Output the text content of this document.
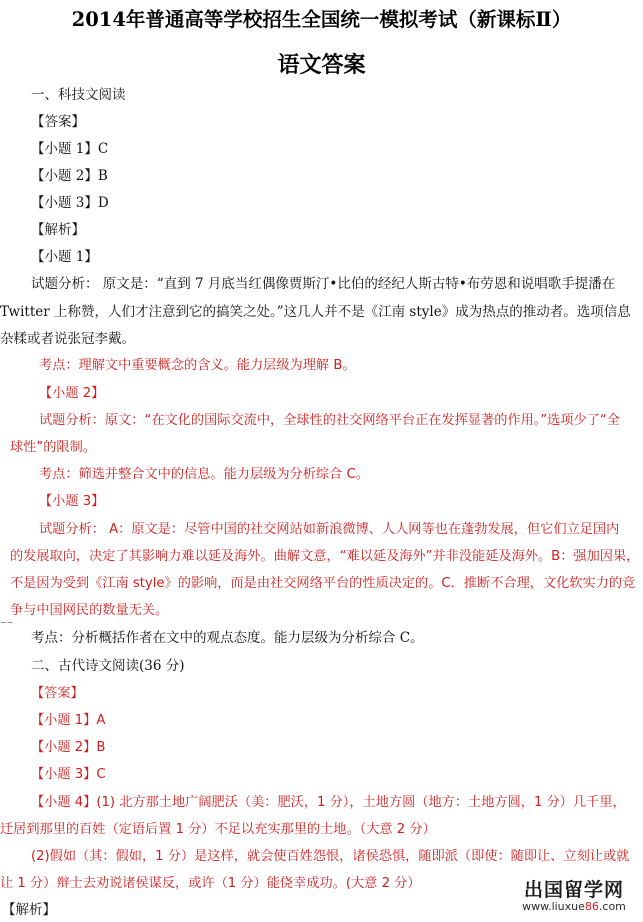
2014年普通高等学校招生全国统一模拟考试（新课标Ⅱ）
语文答案

一、科技文阅读

【答案】

【小题 1】C

【小题 2】B

【小题 3】D

【解析】

【小题 1】

试题分析： 原文是：“直到 7 月底当红偶像贾斯汀•比伯的经纪人斯古特•布劳恩和说唱歌手提潘在

Twitter 上称赞，人们才注意到它的搞笑之处。”这几人并不是《江南 style》成为热点的推动者。选项信息

杂糅或者说张冠李戴。

考点：理解文中重要概念的含义。能力层级为理解 B。

【小题 2】

试题分析：原文：“在文化的国际交流中，全球性的社交网络平台正在发挥显著的作用。”选项少了“全

球性”的限制。

考点：筛选并整合文中的信息。能力层级为分析综合 C。

【小题 3】

试题分析： A：原文是：尽管中国的社交网站如新浪微博、人人网等也在蓬勃发展，但它们立足国内

的发展取向，决定了其影响力难以延及海外。曲解文意，“难以延及海外”并非没能延及海外。B：强加因果，

不是因为受到《江南 style》的影响，而是由社交网络平台的性质决定的。C．推断不合理，文化软实力的竞

争与中国网民的数量无关。

~~

考点：分析概括作者在文中的观点态度。能力层级为分析综合 C。

二、古代诗文阅读(36 分)

【答案】

【小题 1】A

【小题 2】B

【小题 3】C

【小题 4】(1) 北方那土地广阔肥沃（美：肥沃，1 分），土地方圆（地方：土地方圆，1 分）几千里，

迁居到那里的百姓（定语后置 1 分）不足以充实那里的土地。（大意 2 分）

(2)假如（其：假如，1 分）是这样，就会使百姓怨恨，诸侯恐惧，随即派（即使：随即让、立刻让或就

让 1 分）辩士去劝说诸侯谋反，或许（1 分）能侥幸成功。(大意 2 分）

【解析】

出国留学网
www.liuxue86.com
